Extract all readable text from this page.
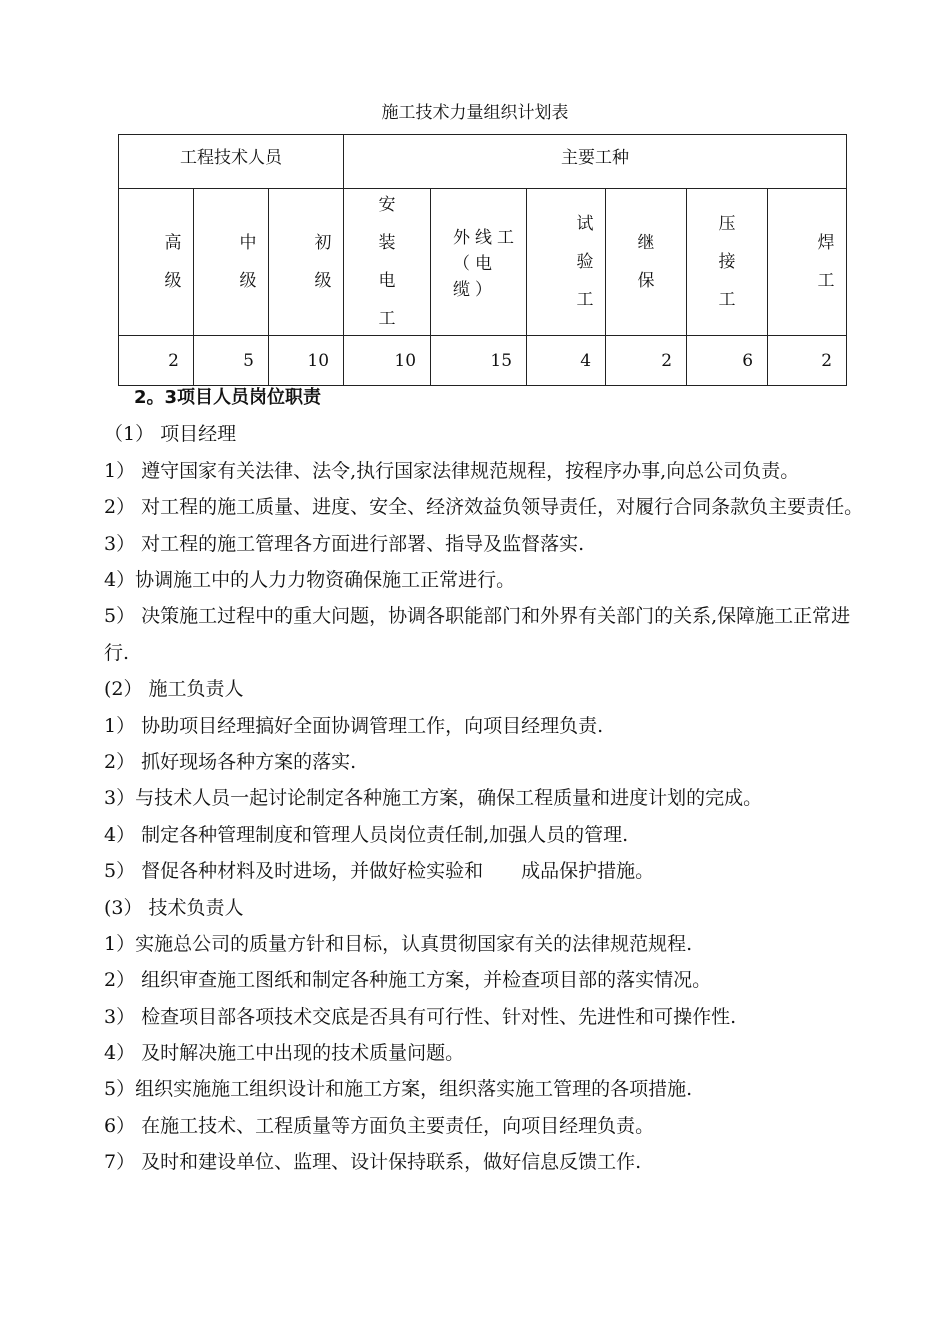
施工技术力量组织计划表
工程技术人员			主要工种					

高级	中级	初级	安装电工	外线工（电缆）	试验工	继保	压接工	焊工

2	5	10	10	15	4	2	6	2
2。3项目人员岗位职责
（1） 项目经理
1） 遵守国家有关法律、法令,执行国家法律规范规程，按程序办事,向总公司负责。
2） 对工程的施工质量、进度、安全、经济效益负领导责任，对履行合同条款负主要责任。
3） 对工程的施工管理各方面进行部署、指导及监督落实.
4）协调施工中的人力力物资确保施工正常进行。
5） 决策施工过程中的重大问题，协调各职能部门和外界有关部门的关系,保障施工正常进行.
(2） 施工负责人
1） 协助项目经理搞好全面协调管理工作，向项目经理负责.
2） 抓好现场各种方案的落实.
3）与技术人员一起讨论制定各种施工方案，确保工程质量和进度计划的完成。
4） 制定各种管理制度和管理人员岗位责任制,加强人员的管理.
5） 督促各种材料及时进场，并做好检实验和　　成品保护措施。
(3） 技术负责人
1）实施总公司的质量方针和目标，认真贯彻国家有关的法律规范规程.
2） 组织审查施工图纸和制定各种施工方案，并检查项目部的落实情况。
3） 检查项目部各项技术交底是否具有可行性、针对性、先进性和可操作性.
4） 及时解决施工中出现的技术质量问题。
5）组织实施施工组织设计和施工方案，组织落实施工管理的各项措施.
6） 在施工技术、工程质量等方面负主要责任，向项目经理负责。
7） 及时和建设单位、监理、设计保持联系，做好信息反馈工作.
